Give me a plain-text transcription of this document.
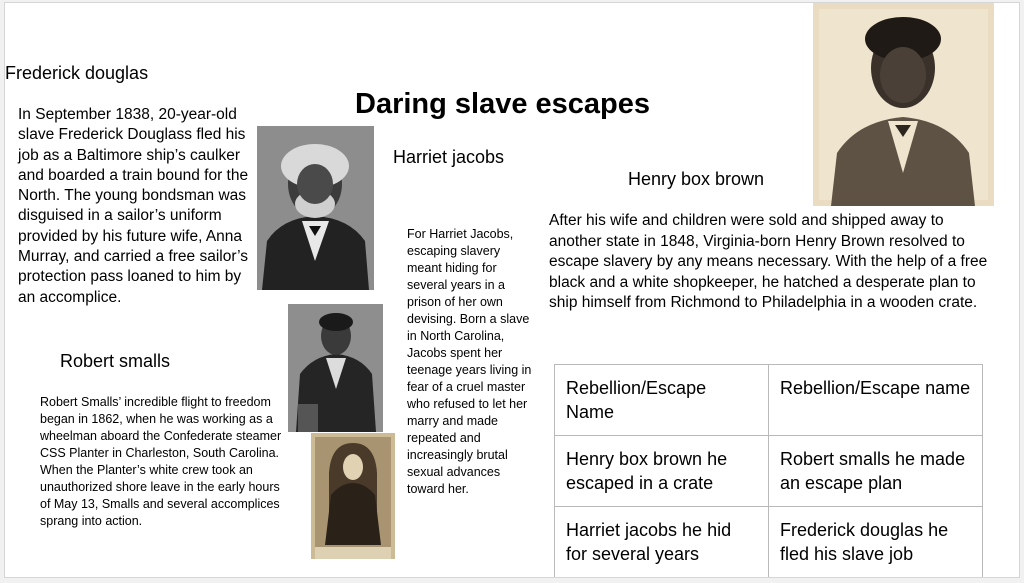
Frederick douglas
Daring slave escapes
In September 1838, 20-year-old slave Frederick Douglass fled his job as a Baltimore ship’s caulker and boarded a train bound for the North. The young bondsman was disguised in a sailor’s uniform provided by his future wife, Anna Murray, and carried a free sailor’s protection pass loaned to him by an accomplice.
Harriet jacobs
Henry box brown
For Harriet Jacobs, escaping slavery meant hiding for several years in a prison of her own devising. Born a slave in North Carolina, Jacobs spent her teenage years living in fear of a cruel master who refused to let her marry and made repeated and increasingly brutal sexual advances toward her.
After his wife and children were sold and shipped away to another state in 1848, Virginia-born Henry Brown resolved to escape slavery by any means necessary. With the help of a free black and a white shopkeeper, he hatched a desperate plan to ship himself from Richmond to Philadelphia in a wooden crate.
Robert smalls
Robert Smalls’ incredible flight to freedom began in 1862, when he was working as a wheelman aboard the Confederate steamer CSS Planter in Charleston, South Carolina. When the Planter’s white crew took an unauthorized shore leave in the early hours of May 13, Smalls and several accomplices sprang into action.
Rebellion/Escape Name	Rebellion/Escape name
Henry box brown he escaped in a crate	Robert smalls he made an escape plan
Harriet jacobs he hid for several years	Frederick douglas he fled his slave job
